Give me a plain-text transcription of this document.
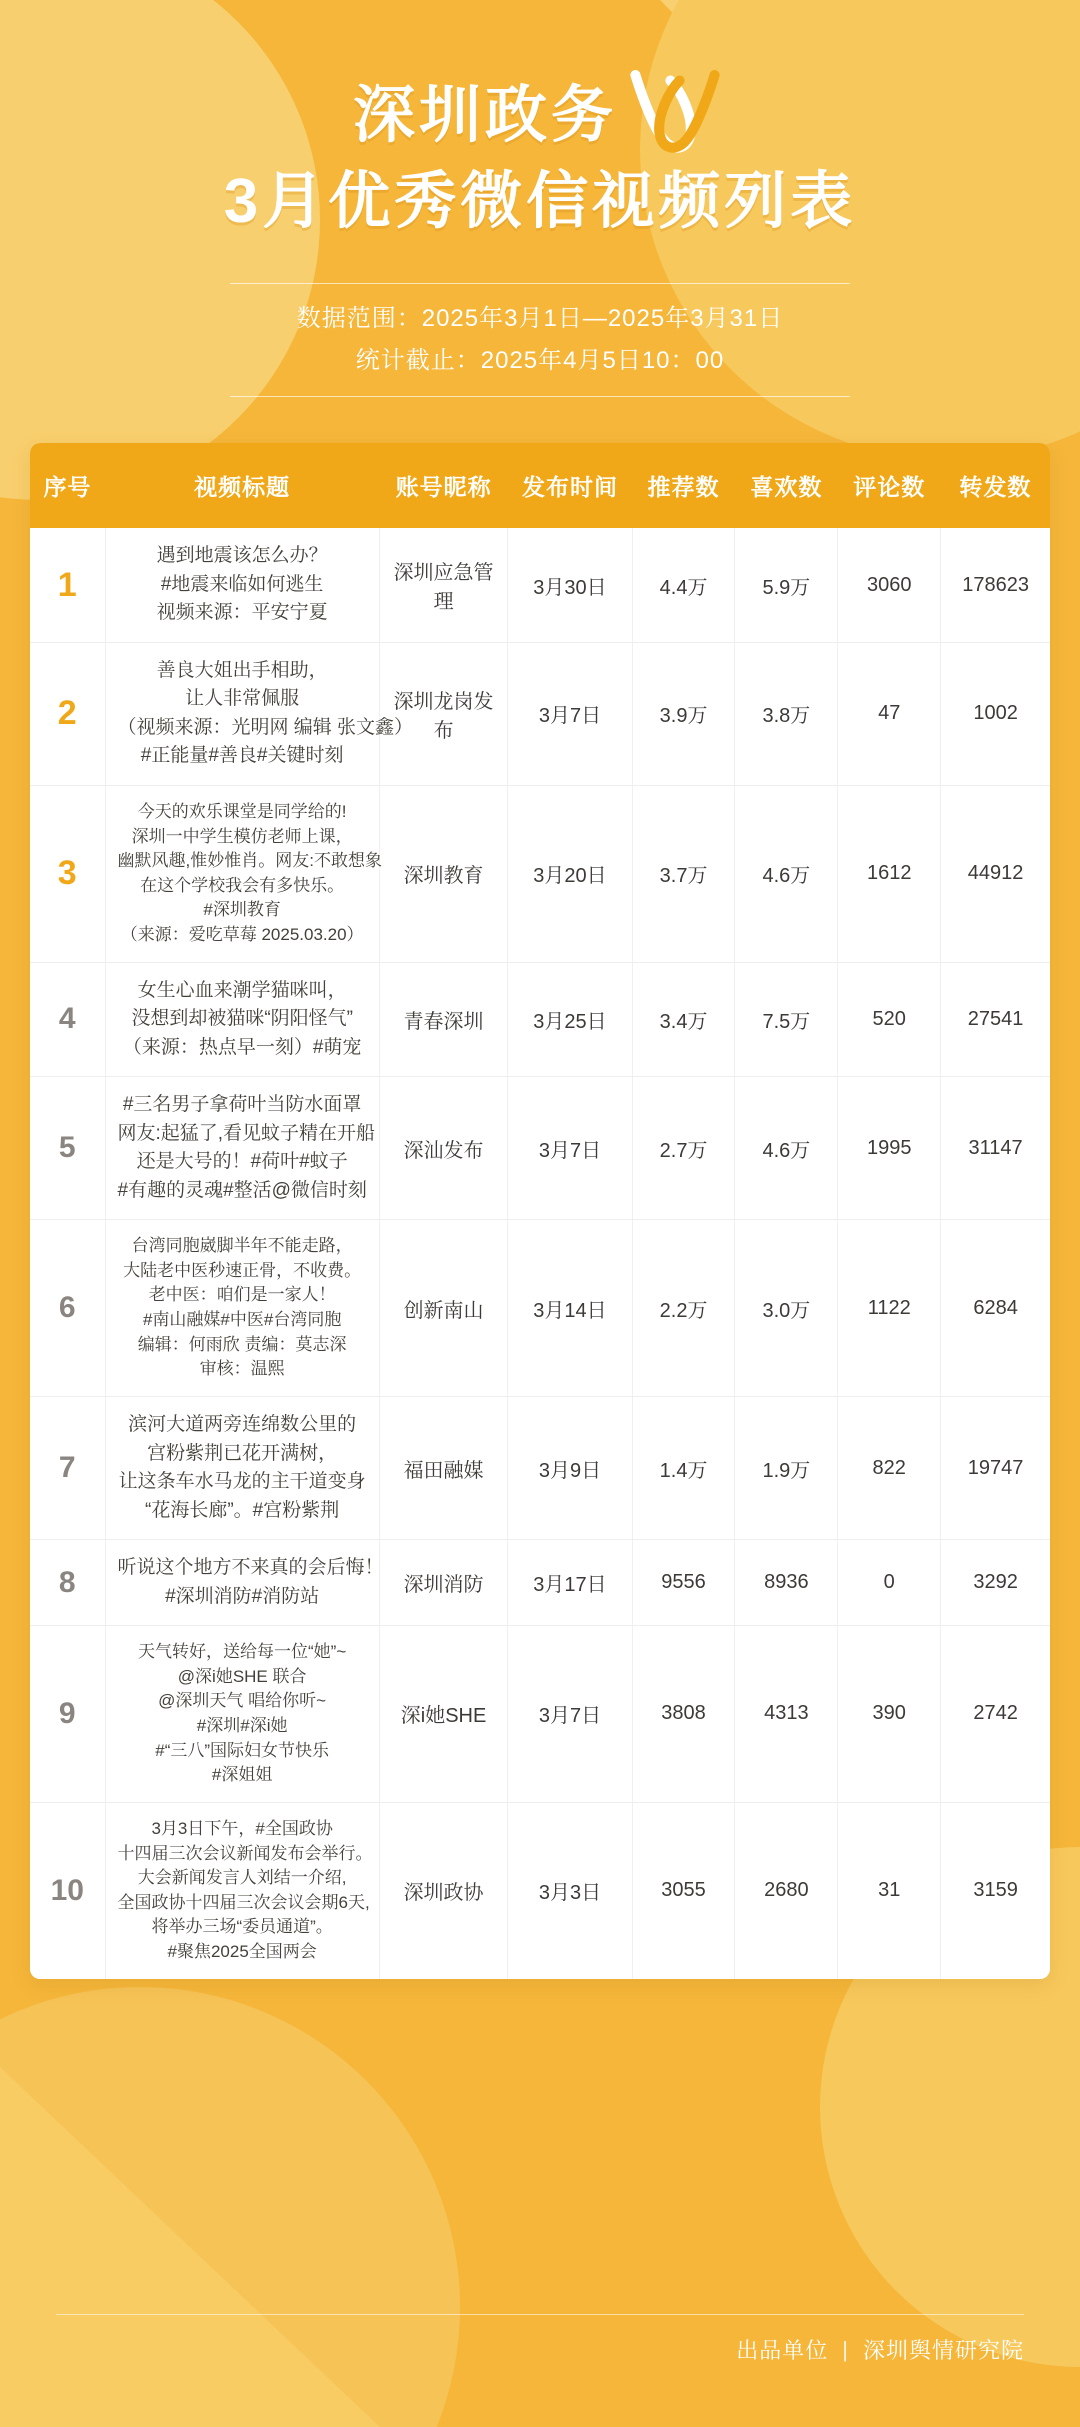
深圳政务
3月优秀微信视频列表
数据范围：2025年3月1日—2025年3月31日
统计截止：2025年4月5日10：00
序号	视频标题	账号昵称	发布时间	推荐数	喜欢数	评论数	转发数
1	遇到地震该怎么办？
#地震来临如何逃生
视频来源：平安宁夏	深圳应急管理	3月30日	4.4万	5.9万	3060	178623
2	善良大姐出手相助，
让人非常佩服
（视频来源：光明网 编辑 张文鑫）
#正能量#善良#关键时刻	深圳龙岗发布	3月7日	3.9万	3.8万	47	1002
3	
今天的欢乐课堂是同学给的!
深圳一中学生模仿老师上课，
幽默风趣,惟妙惟肖。网友:不敢想象
在这个学校我会有多快乐。
#深圳教育
（来源：爱吃草莓 2025.03.20）
	深圳教育	3月20日	3.7万	4.6万	1612	44912
4	女生心血来潮学猫咪叫，
没想到却被猫咪“阴阳怪气”
（来源：热点早一刻）#萌宠	青春深圳	3月25日	3.4万	7.5万	520	27541
5	#三名男子拿荷叶当防水面罩
网友:起猛了,看见蚊子精在开船
还是大号的！#荷叶#蚊子
#有趣的灵魂#整活@微信时刻	深汕发布	3月7日	2.7万	4.6万	1995	31147
6	
台湾同胞崴脚半年不能走路，
大陆老中医秒速正骨，不收费。
老中医：咱们是一家人！
#南山融媒#中医#台湾同胞
编辑：何雨欣 责编：莫志深
审核：温熙
	创新南山	3月14日	2.2万	3.0万	1122	6284
7	滨河大道两旁连绵数公里的
宫粉紫荆已花开满树，
让这条车水马龙的主干道变身
“花海长廊”。#宫粉紫荆	福田融媒	3月9日	1.4万	1.9万	822	19747
8	听说这个地方不来真的会后悔！
#深圳消防#消防站	深圳消防	3月17日	9556	8936	0	3292
9	
天气转好，送给每一位“她”~
@深i她SHE 联合
@深圳天气 唱给你听~
#深圳#深i她
#“三八”国际妇女节快乐
#深姐姐
	深i她SHE	3月7日	3808	4313	390	2742
10	
3月3日下午，#全国政协
十四届三次会议新闻发布会举行。
大会新闻发言人刘结一介绍,
全国政协十四届三次会议会期6天,
将举办三场“委员通道”。
#聚焦2025全国两会
	深圳政协	3月3日	3055	2680	31	3159
出品单位 | 深圳舆情研究院
